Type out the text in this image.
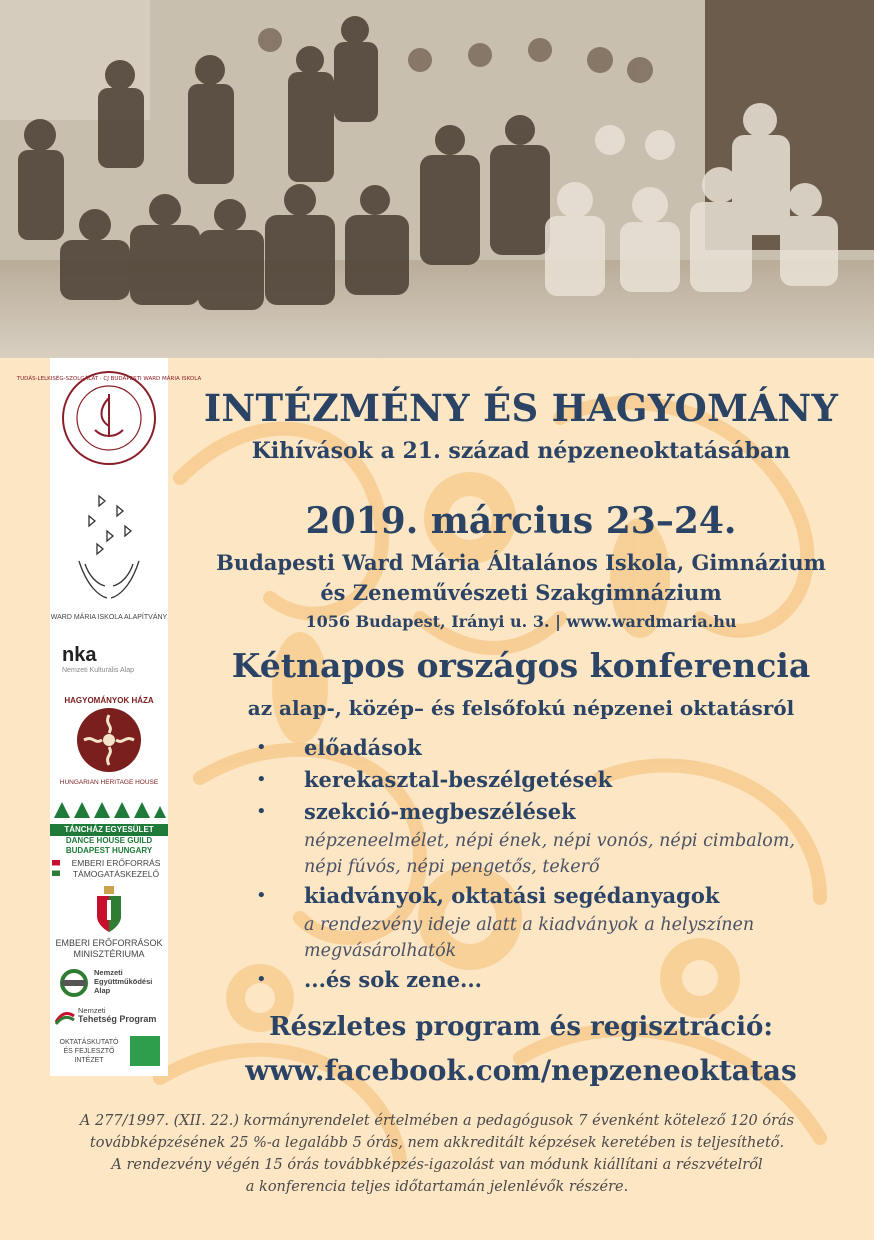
TUDÁS-LELKISÉG-SZOLGÁLAT · CJ BUDAPESTI WARD MÁRIA ISKOLA
WARD MÁRIA ISKOLA ALAPÍTVÁNY
nka
Nemzeti Kulturális Alap
HAGYOMÁNYOK HÁZA
HUNGARIAN HERITAGE HOUSE
TÁNCHÁZ EGYESÜLET
DANCE HOUSE GUILD
BUDAPEST HUNGARY
EMBERI ERŐFORRÁS
TÁMOGATÁSKEZELŐ
EMBERI ERŐFORRÁSOK
MINISZTÉRIUMA
Nemzeti
Együttműködési
Alap
Nemzeti
Tehetség Program
OKTATÁSKUTATÓ
ÉS FEJLESZTŐ
INTÉZET
INTÉZMÉNY ÉS HAGYOMÁNY
Kihívások a 21. század népzeneoktatásában
2019. március 23–24.
Budapesti Ward Mária Általános Iskola, Gimnázium
és Zeneművészeti Szakgimnázium
1056 Budapest, Irányi u. 3. | www.wardmaria.hu
Kétnapos országos konferencia
az alap-, közép– és felsőfokú népzenei oktatásról
• előadások
• kerekasztal-beszélgetések
• szekció-megbeszélések
népzeneelmélet, népi ének, népi vonós, népi cimbalom,
népi fúvós, népi pengetős, tekerő
• kiadványok, oktatási segédanyagok
a rendezvény ideje alatt a kiadványok a helyszínen
megvásárolhatók
• ...és sok zene...
Részletes program és regisztráció:
www.facebook.com/nepzeneoktatas
A 277/1997. (XII. 22.) kormányrendelet értelmében a pedagógusok 7 évenként kötelező 120 órás
továbbképzésének 25 %-a legalább 5 órás, nem akkreditált képzések keretében is teljesíthető.
A rendezvény végén 15 órás továbbképzés-igazolást van módunk kiállítani a részvételről
a konferencia teljes időtartamán jelenlévők részére.
